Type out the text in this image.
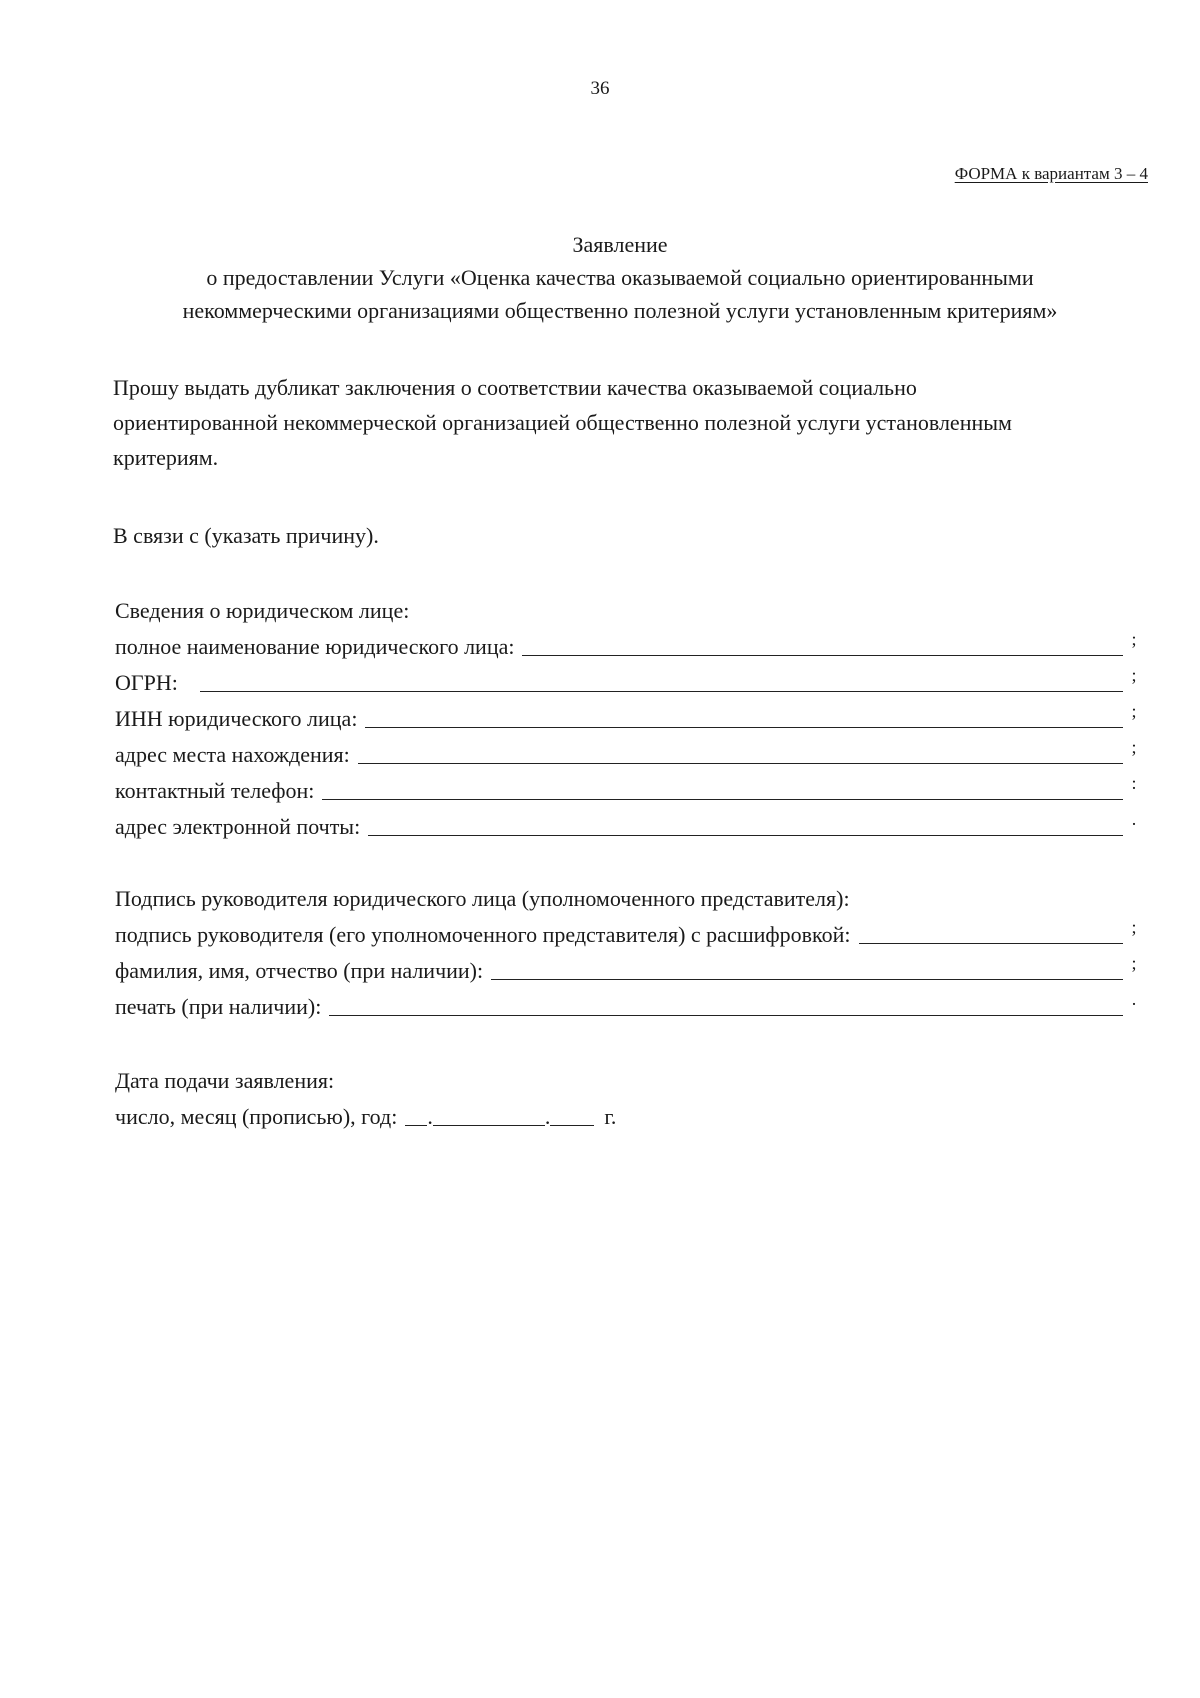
36
ФОРМА к вариантам 3 – 4
Заявление
о предоставлении Услуги «Оценка качества оказываемой социально ориентированными
некоммерческими организациями общественно полезной услуги установленным критериям»
Прошу выдать дубликат заключения о соответствии качества оказываемой социально
ориентированной некоммерческой организацией общественно полезной услуги установленным
критериям.
В связи с (указать причину).
Сведения о юридическом лице:
полное наименование юридического лица:	;
ОГРН:	;
ИНН юридического лица:	;
адрес места нахождения:	;
контактный телефон:	:
адрес электронной почты:	.
Подпись руководителя юридического лица (уполномоченного представителя):
подпись руководителя (его уполномоченного представителя) с расшифровкой:	;
фамилия, имя, отчество (при наличии):	;
печать (при наличии):	.
Дата подачи заявления:
число, месяц (прописью), год:	.	.	г.
